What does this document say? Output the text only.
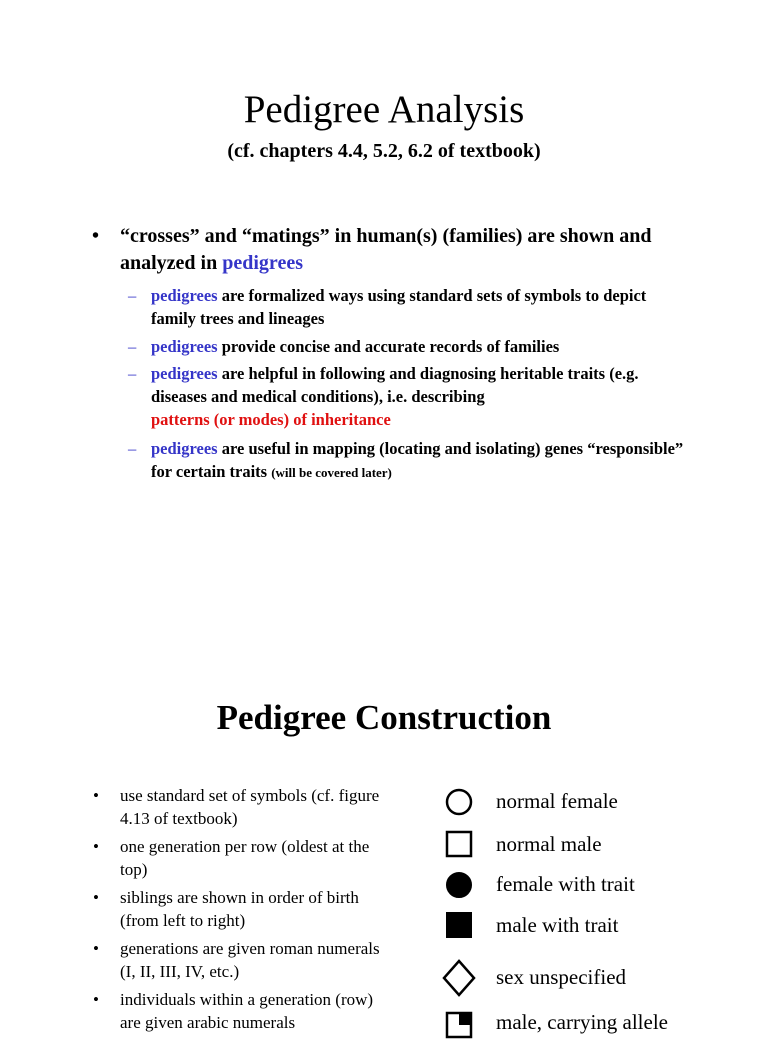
Pedigree Analysis
(cf. chapters 4.4, 5.2, 6.2 of textbook)
• “crosses” and “matings” in human(s) (families) are shown and analyzed in pedigrees
– pedigrees are formalized ways using standard sets of symbols to depict family trees and lineages
– pedigrees provide concise and accurate records of families
– pedigrees are helpful in following and diagnosing heritable traits (e.g. diseases and medical conditions), i.e. describing
patterns (or modes) of inheritance
– pedigrees are useful in mapping (locating and isolating) genes “responsible” for certain traits (will be covered later)
Pedigree Construction
• use standard set of symbols (cf. figure 4.13 of textbook)
• one generation per row (oldest at the top)
• siblings are shown in order of birth (from left to right)
• generations are given roman numerals (I, II, III, IV, etc.)
• individuals within a generation (row) are given arabic numerals
normal female
normal male
female with trait
male with trait
sex unspecified
male, carrying allele
